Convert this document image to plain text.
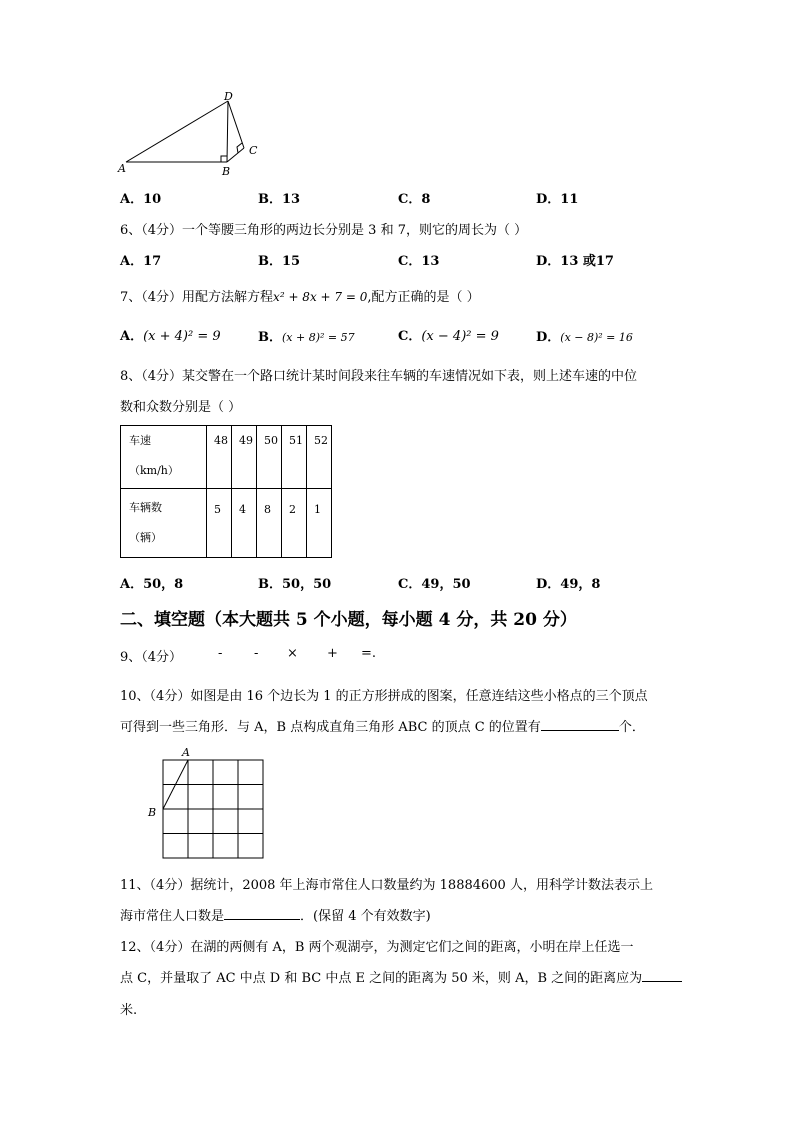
A	B
C
D
A．10	B．13	C．8	D．11
6、（4分）一个等腰三角形的两边长分别是 3 和 7，则它的周长为（ ）
A．17	B．15	C．13	D．13 或17
7、（4分）用配方法解方程x² + 8x + 7 = 0,配方正确的是（ ）
A．(x + 4)² = 9	B．(x + 8)² = 57	C．(x − 4)² = 9	D．(x − 8)² = 16
8、（4分）某交警在一个路口统计某时间段来往车辆的车速情况如下表，则上述车速的中位
数和众数分别是（ ）
车速
（km/h）	48	49	50	51	52

车辆数
（辆）	5	4	8	2	1
A．50，8	B．50，50	C．49，50	D．49，8
二、填空题（本大题共 5 个小题，每小题 4 分，共 20 分）
9、（4分）	- - × + =.
10、（4分）如图是由 16 个边长为 1 的正方形拼成的图案，任意连结这些小格点的三个顶点
可得到一些三角形．与 A，B 点构成直角三角形 ABC 的顶点 C 的位置有	个．
A
B
11、（4分）据统计，2008 年上海市常住人口数量约为 18884600 人，用科学计数法表示上
海市常住人口数是	．(保留 4 个有效数字)
12、（4分）在湖的两侧有 A，B 两个观湖亭，为测定它们之间的距离，小明在岸上任选一
点 C，并量取了 AC 中点 D 和 BC 中点 E 之间的距离为 50 米，则 A，B 之间的距离应为
米.
